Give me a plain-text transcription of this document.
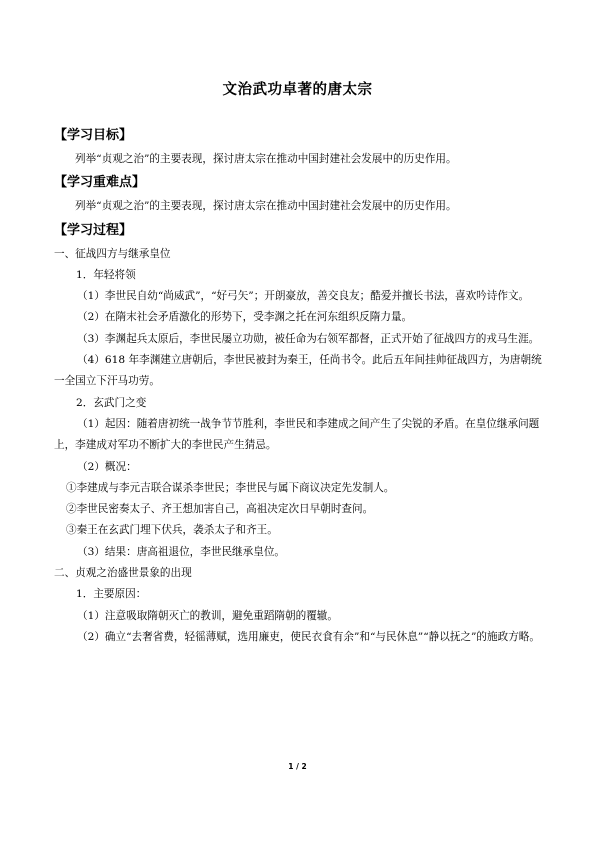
文治武功卓著的唐太宗

【学习目标】

列举“贞观之治”的主要表现，探讨唐太宗在推动中国封建社会发展中的历史作用。

【学习重难点】

列举“贞观之治”的主要表现，探讨唐太宗在推动中国封建社会发展中的历史作用。

【学习过程】

一、征战四方与继承皇位

1．年轻将领

（1）李世民自幼“尚威武”，“好弓矢”；开朗豪放，善交良友；酷爱并擅长书法，喜欢吟诗作文。

（2）在隋末社会矛盾激化的形势下，受李渊之托在河东组织反隋力量。

（3）李渊起兵太原后，李世民屡立功勋，被任命为右领军都督，正式开始了征战四方的戎马生涯。

（4）618 年李渊建立唐朝后，李世民被封为秦王，任尚书令。此后五年间挂帅征战四方，为唐朝统一全国立下汗马功劳。

2．玄武门之变

（1）起因：随着唐初统一战争节节胜利，李世民和李建成之间产生了尖锐的矛盾。在皇位继承问题上，李建成对军功不断扩大的李世民产生猜忌。

（2）概况：

①李建成与李元吉联合谋杀李世民；李世民与属下商议决定先发制人。

②李世民密奏太子、齐王想加害自己，高祖决定次日早朝时查问。

③秦王在玄武门埋下伏兵，袭杀太子和齐王。

（3）结果：唐高祖退位，李世民继承皇位。

二、贞观之治盛世景象的出现

1．主要原因：

（1）注意吸取隋朝灭亡的教训，避免重蹈隋朝的覆辙。

（2）确立“去奢省费，轻徭薄赋，选用廉吏，使民衣食有余”和“与民休息”“静以抚之”的施政方略。

1 / 2
